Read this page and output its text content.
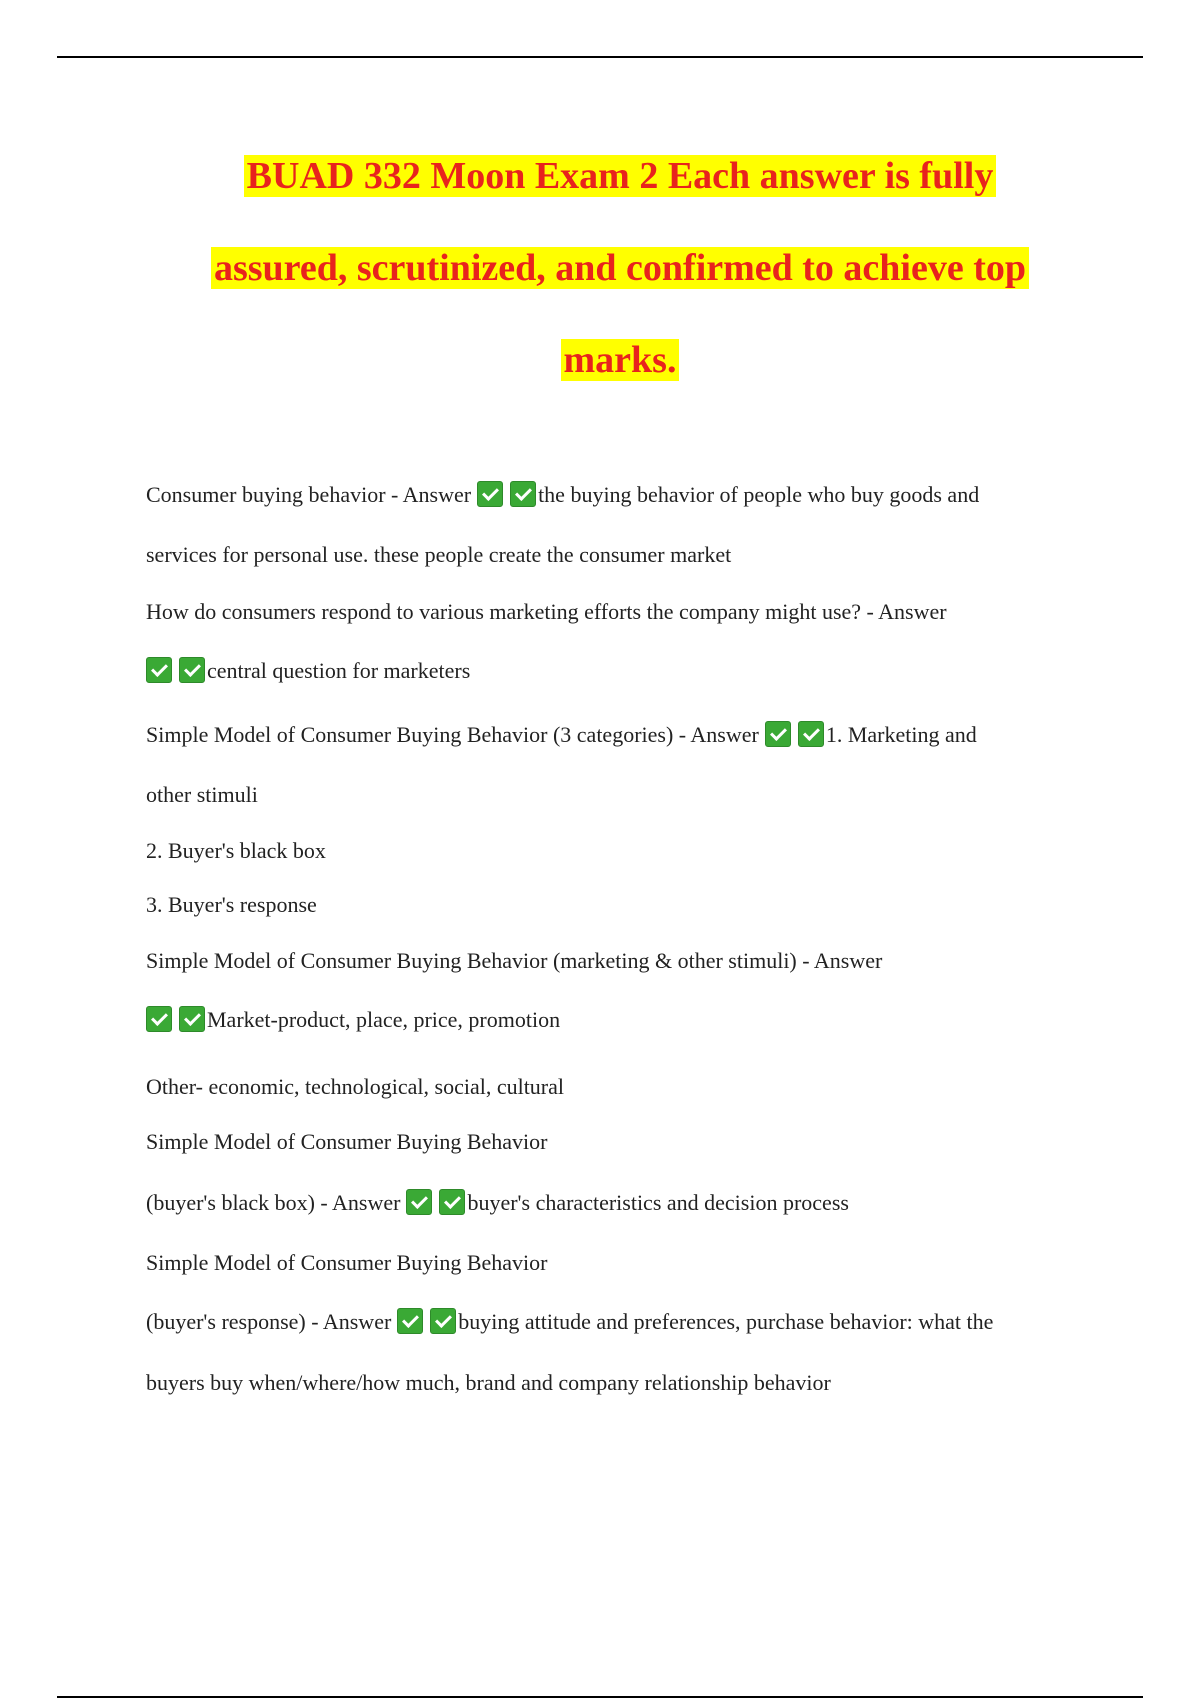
BUAD 332 Moon Exam 2 Each answer is fully
assured, scrutinized, and confirmed to achieve top
marks.
Consumer buying behavior - Answer	the buying behavior of people who buy goods and
services for personal use. these people create the consumer market
How do consumers respond to various marketing efforts the company might use? - Answer
central question for marketers
Simple Model of Consumer Buying Behavior (3 categories) - Answer	1. Marketing and
other stimuli
2. Buyer's black box
3. Buyer's response
Simple Model of Consumer Buying Behavior (marketing & other stimuli) - Answer
Market-product, place, price, promotion
Other- economic, technological, social, cultural
Simple Model of Consumer Buying Behavior
(buyer's black box) - Answer	buyer's characteristics and decision process
Simple Model of Consumer Buying Behavior
(buyer's response) - Answer	buying attitude and preferences, purchase behavior: what the
buyers buy when/where/how much, brand and company relationship behavior
